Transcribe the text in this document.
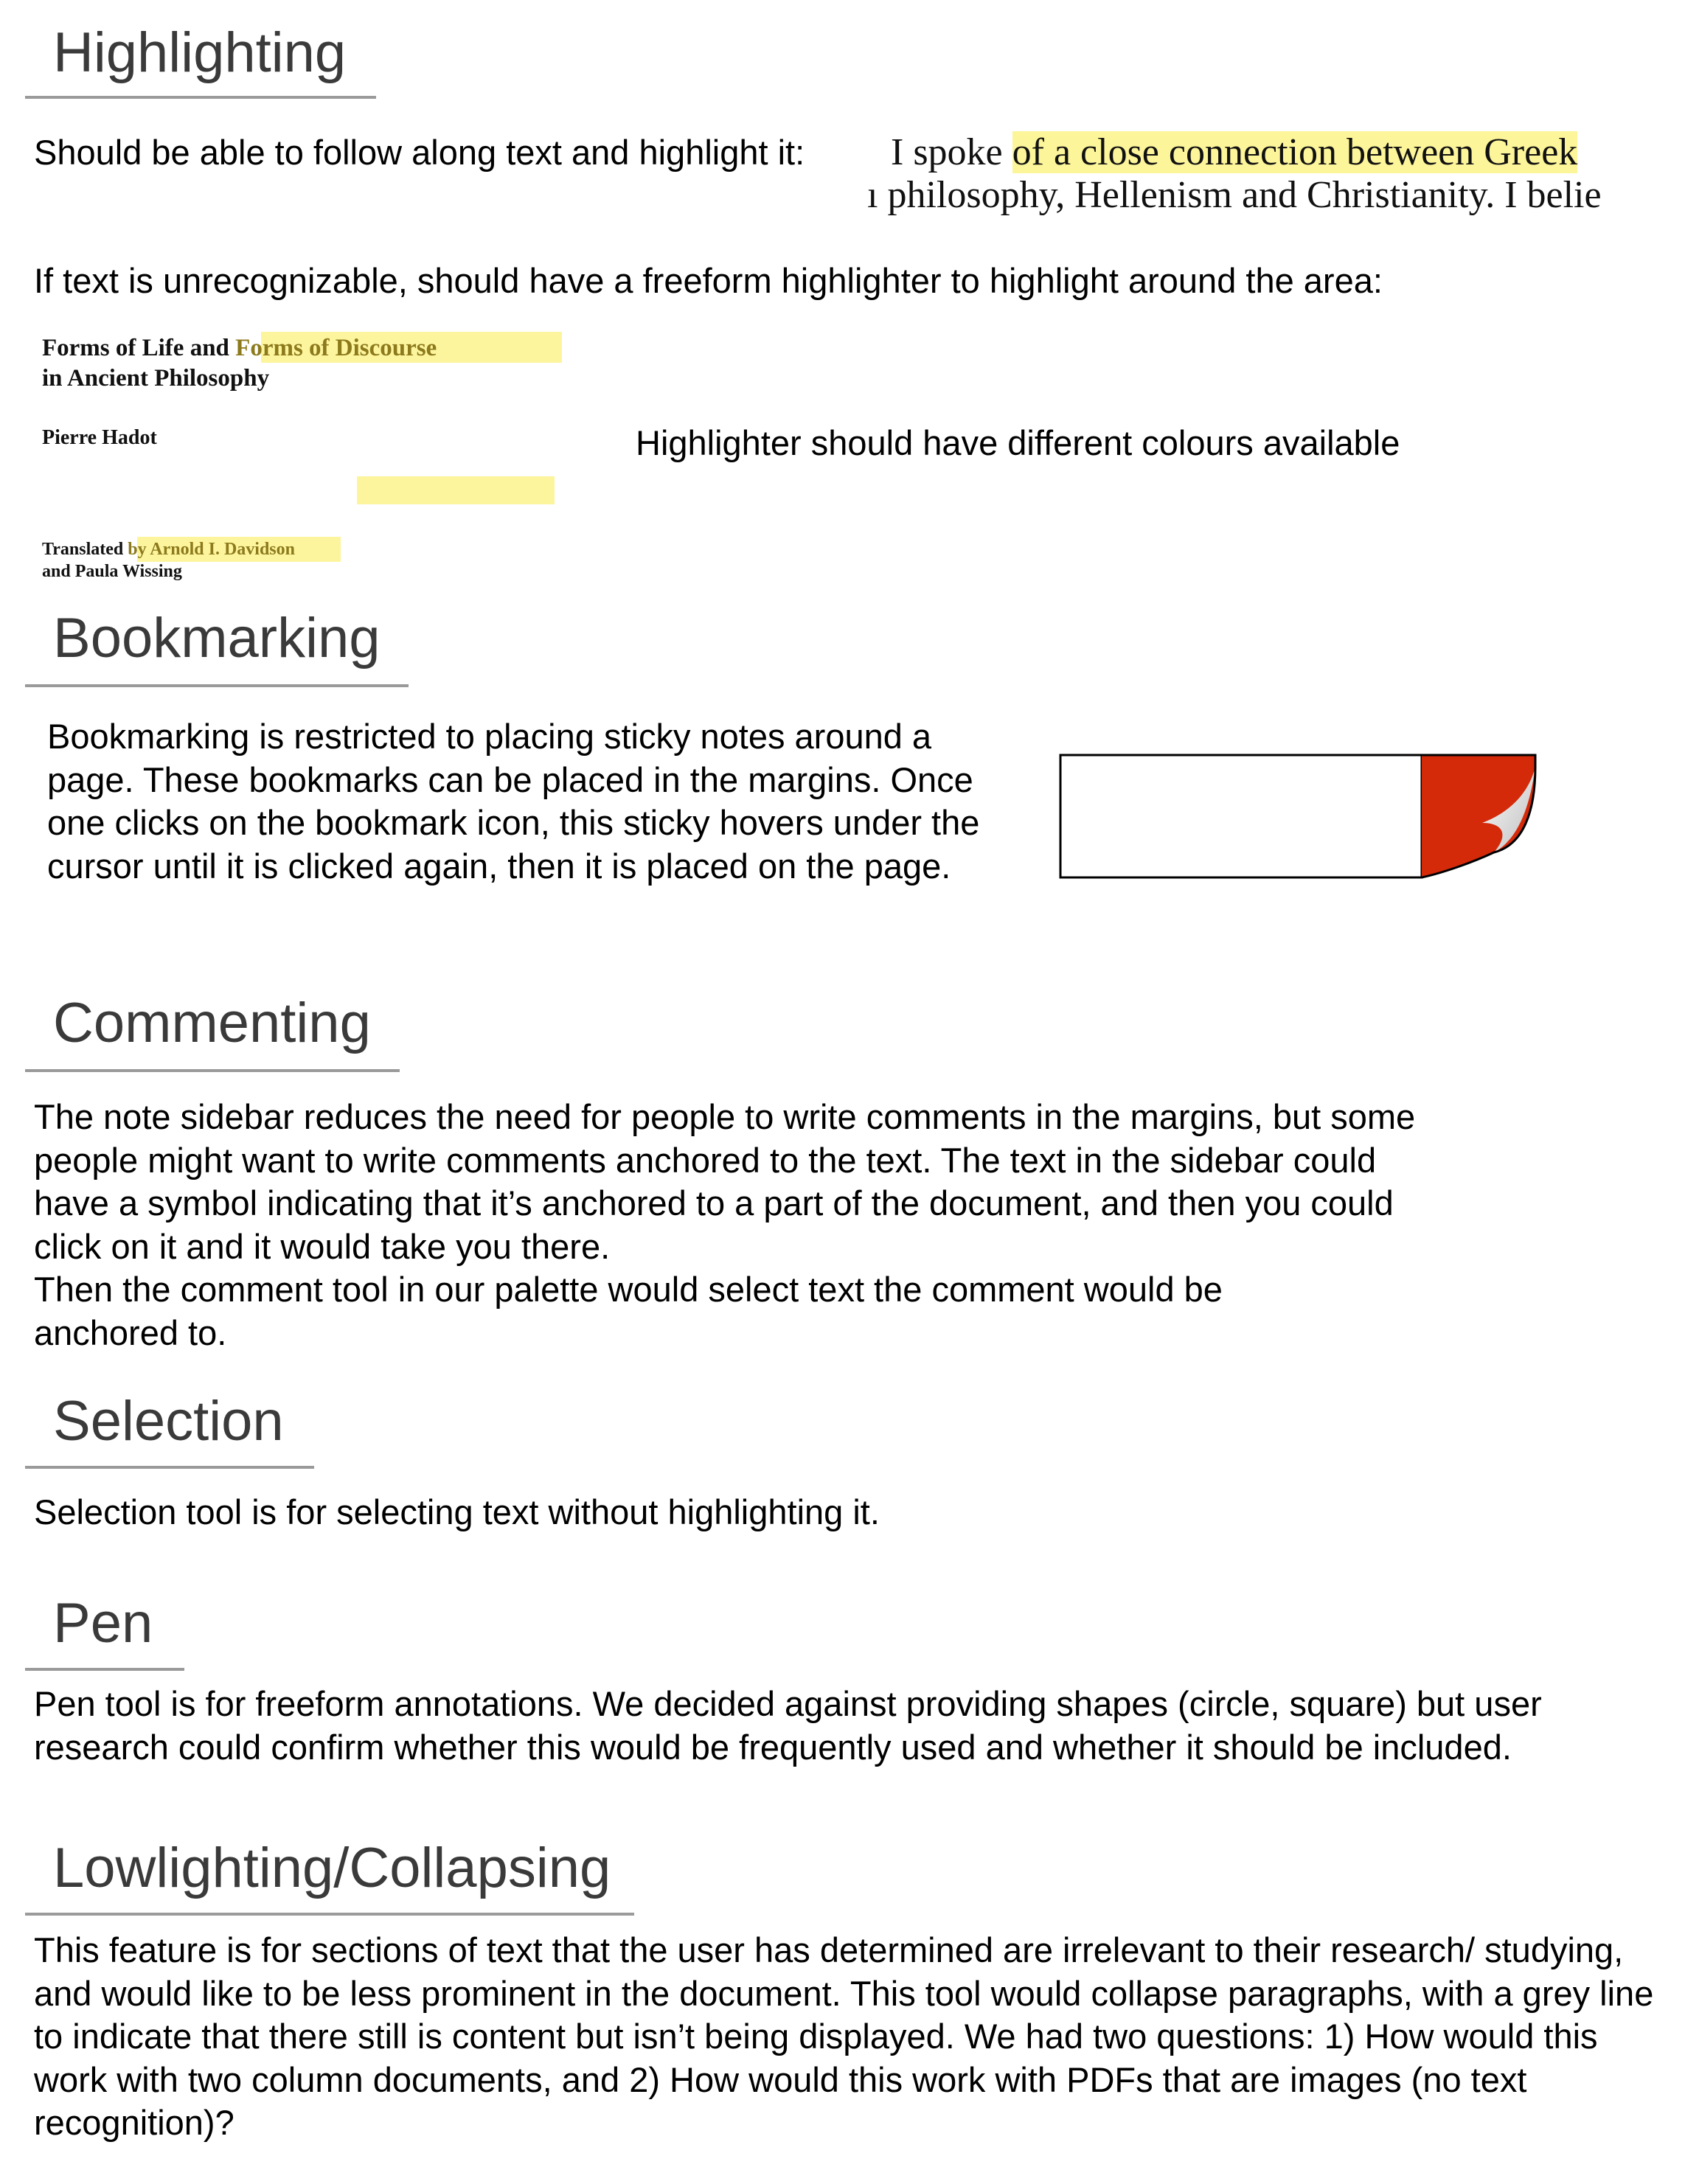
Highlighting
Should be able to follow along text and highlight it: I spoke of a close connection between Greek
ı philosophy, Hellenism and Christianity. I belie
If text is unrecognizable, should have a freeform highlighter to highlight around the area:
Forms of Life and Forms of Discourse
in Ancient Philosophy
Pierre Hadot
Translated by Arnold I. Davidson
and Paula Wissing
Highlighter should have different colours available
Bookmarking
Bookmarking is restricted to placing sticky notes around a page. These bookmarks can be placed in the margins. Once one clicks on the bookmark icon, this sticky hovers under the cursor until it is clicked again, then it is placed on the page.
Commenting
The note sidebar reduces the need for people to write comments in the margins, but some people might want to write comments anchored to the text. The text in the sidebar could have a symbol indicating that it’s anchored to a part of the document, and then you could click on it and it would take you there.
Then the comment tool in our palette would select text the comment would be anchored to.
Selection
Selection tool is for selecting text without highlighting it.
Pen
Pen tool is for freeform annotations. We decided against providing shapes (circle, square) but user research could confirm whether this would be frequently used and whether it should be included.
Lowlighting/Collapsing
This feature is for sections of text that the user has determined are irrelevant to their research/ studying, and would like to be less prominent in the document. This tool would collapse paragraphs, with a grey line to indicate that there still is content but isn’t being displayed. We had two questions: 1) How would this work with two column documents, and 2) How would this work with PDFs that are images (no text recognition)?
